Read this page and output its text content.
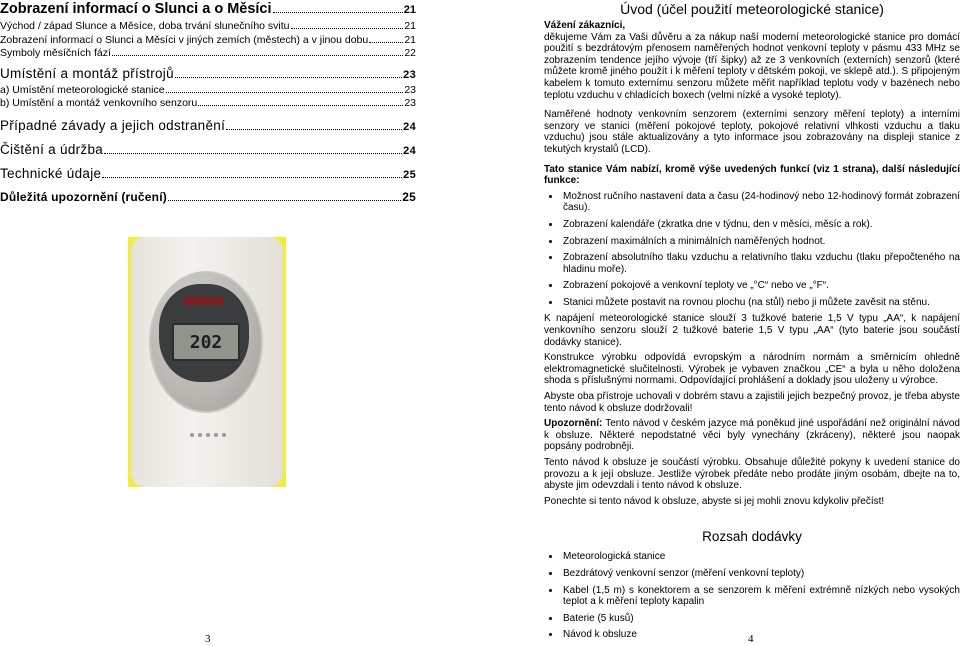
Zobrazení informací o Slunci a o Měsíci	21
Východ / západ Slunce a Měsíce, doba trvání slunečního svitu	21
Zobrazení informací o Slunci a Měsíci v jiných zemích (městech) a v jinou dobu	21
Symboly měsíčních fází	22
Umístění a montáž přístrojů	23
a) Umístění meteorologické stanice	23
b) Umístění a montáž venkovního senzoru	23
Případné závady a jejich odstranění	24
Čištění a údržba	24
Technické údaje	25
Důležitá upozornění (ručení)	25
202
3
Úvod (účel použití meteorologické stanice)

Vážení zákazníci,

děkujeme Vám za Vaši důvěru a za nákup naší moderní meteorologické stanice pro domácí použití s bezdrátovým přenosem naměřených hodnot venkovní teploty v pásmu 433 MHz se zobrazením tendence jejího vývoje (tří šipky) až ze 3 venkovních (externích) senzorů (které můžete kromě jiného použít i k měření teploty v dětském pokoji, ve sklepě atd.). S připojeným kabelem k tomuto externímu senzoru můžete měřit například teplotu vody v bazénech nebo teplotu vzduchu v chladících boxech (velmi nízké a vysoké teploty).

Naměřené hodnoty venkovním senzorem (externími senzory měření teploty) a interními senzory ve stanici (měření pokojové teploty, pokojové relativní vlhkosti vzduchu a tlaku vzduchu) jsou stále aktualizovány a tyto informace jsou zobrazovány na displeji stanice z tekutých krystalů (LCD).

Tato stanice Vám nabízí, kromě výše uvedených funkcí (viz 1 strana), další následující funkce:

• Možnost ručního nastavení data a času (24-hodinový nebo 12-hodinový formát zobrazení času).
• Zobrazení kalendáře (zkratka dne v týdnu, den v měsíci, měsíc a rok).
• Zobrazení maximálních a minimálních naměřených hodnot.
• Zobrazení absolutního tlaku vzduchu a relativního tlaku vzduchu (tlaku přepočteného na hladinu moře).
• Zobrazení pokojové a venkovní teploty ve „°C“ nebo ve „°F“.
• Stanici můžete postavit na rovnou plochu (na stůl) nebo ji můžete zavěsit na stěnu.

K napájení meteorologické stanice slouží 3 tužkové baterie 1,5 V typu „AA“, k napájení venkovního senzoru slouží 2 tužkové baterie 1,5 V typu „AA“ (tyto baterie jsou součástí dodávky stanice).

Konstrukce výrobku odpovídá evropským a národním normám a směrnicím ohledně elektromagnetické slučitelnosti. Výrobek je vybaven značkou „CE“ a byla u něho doložena shoda s příslušnými normami. Odpovídající prohlášení a doklady jsou uloženy u výrobce.

Abyste oba přístroje uchovali v dobrém stavu a zajistili jejich bezpečný provoz, je třeba abyste tento návod k obsluze dodržovali!

Upozornění: Tento návod v českém jazyce má poněkud jiné uspořádání než originální návod k obsluze. Některé nepodstatné věci byly vynechány (zkráceny), některé jsou naopak popsány podrobněji.

Tento návod k obsluze je součástí výrobku. Obsahuje důležité pokyny k uvedení stanice do provozu a k její obsluze. Jestliže výrobek předáte nebo prodáte jiným osobám, dbejte na to, abyste jim odevzdali i tento návod k obsluze.

Ponechte si tento návod k obsluze, abyste si jej mohli znovu kdykoliv přečíst!

Rozsah dodávky
• Meteorologická stanice
• Bezdrátový venkovní senzor (měření venkovní teploty)
• Kabel (1,5 m) s konektorem a se senzorem k měření extrémně nízkých nebo vysokých teplot a k měření teploty kapalin
• Baterie (5 kusů)
• Návod k obsluze	4
